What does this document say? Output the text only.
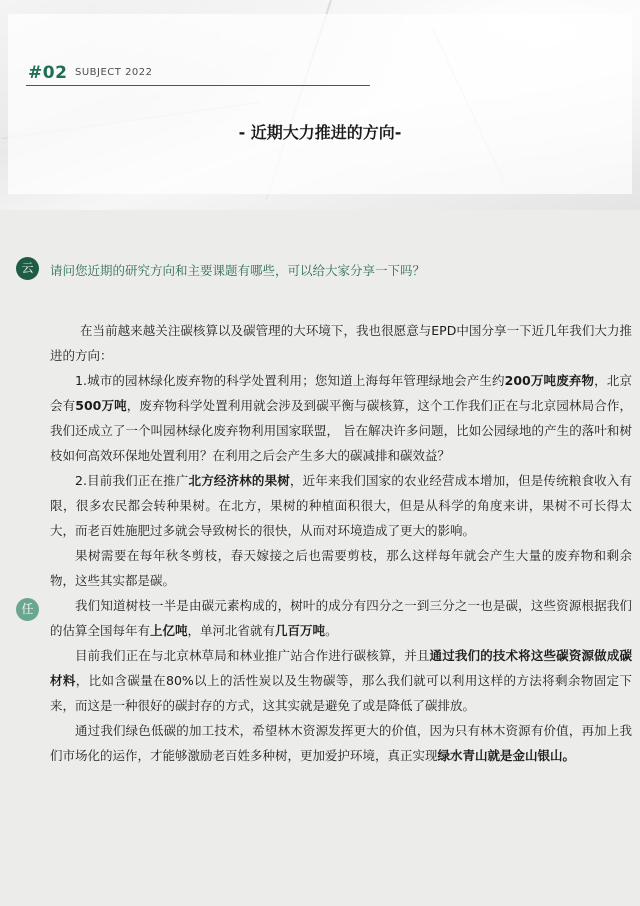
#02 SUBJECT 2022
- 近期大力推进的方向-
云	请问您近期的研究方向和主要课题有哪些，可以给大家分享一下吗？
任

在当前越来越关注碳核算以及碳管理的大环境下，我也很愿意与EPD中国分享一下近几年我们大力推进的方向：

1.城市的园林绿化废弃物的科学处置利用；您知道上海每年管理绿地会产生约200万吨废弃物，北京会有500万吨，废弃物科学处置利用就会涉及到碳平衡与碳核算，这个工作我们正在与北京园林局合作，我们还成立了一个叫园林绿化废弃物利用国家联盟， 旨在解决许多问题，比如公园绿地的产生的落叶和树枝如何高效环保地处置利用？在利用之后会产生多大的碳减排和碳效益？

2.目前我们正在推广北方经济林的果树，近年来我们国家的农业经营成本增加，但是传统粮食收入有限，很多农民都会转种果树。在北方，果树的种植面积很大，但是从科学的角度来讲，果树不可长得太大，而老百姓施肥过多就会导致树长的很快，从而对环境造成了更大的影响。

果树需要在每年秋冬剪枝，春天嫁接之后也需要剪枝，那么这样每年就会产生大量的废弃物和剩余物，这些其实都是碳。

我们知道树枝一半是由碳元素构成的，树叶的成分有四分之一到三分之一也是碳，这些资源根据我们的估算全国每年有上亿吨，单河北省就有几百万吨。

目前我们正在与北京林草局和林业推广站合作进行碳核算，并且通过我们的技术将这些碳资源做成碳材料，比如含碳量在80%以上的活性炭以及生物碳等，那么我们就可以利用这样的方法将剩余物固定下来，而这是一种很好的碳封存的方式，这其实就是避免了或是降低了碳排放。

通过我们绿色低碳的加工技术，希望林木资源发挥更大的价值，因为只有林木资源有价值，再加上我们市场化的运作，才能够激励老百姓多种树，更加爱护环境，真正实现绿水青山就是金山银山。
